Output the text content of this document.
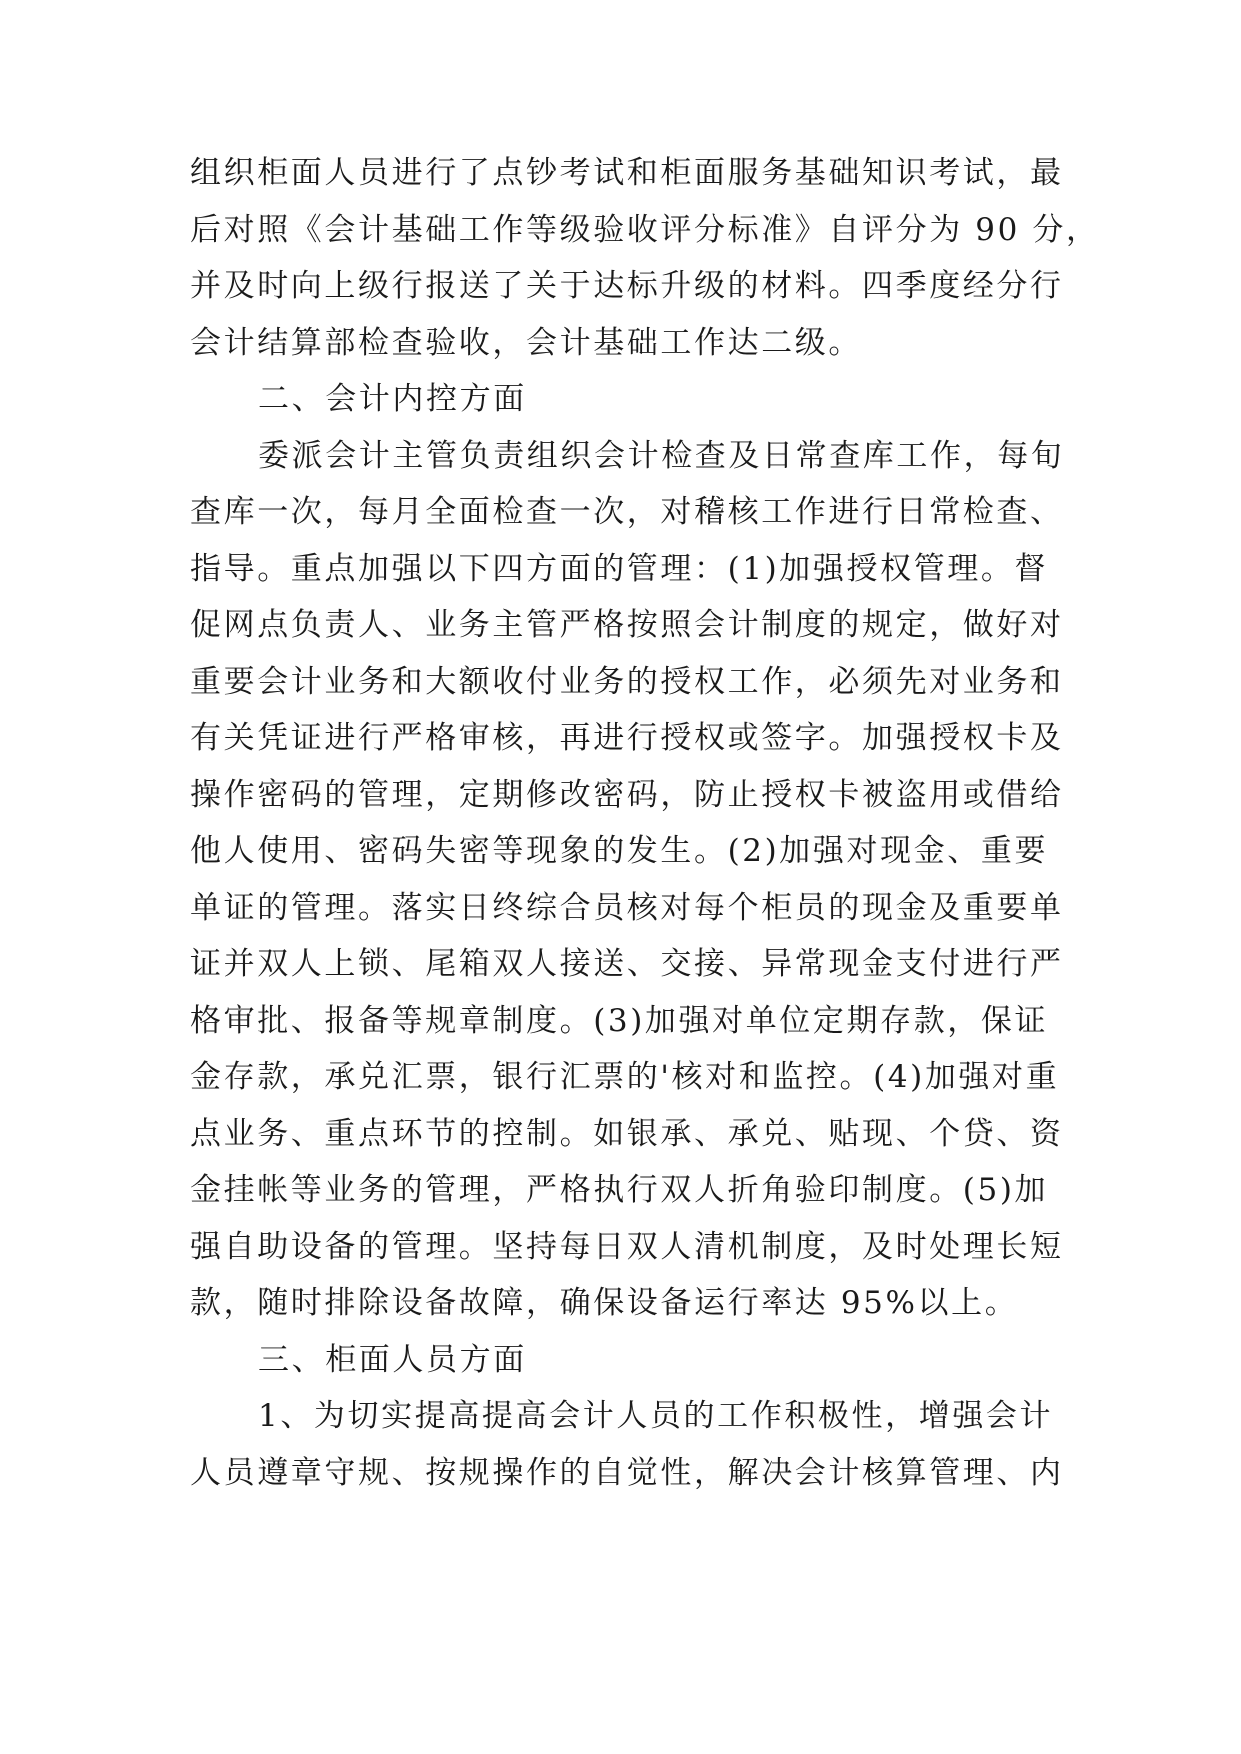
组织柜面人员进行了点钞考试和柜面服务基础知识考试，最
后对照《会计基础工作等级验收评分标准》自评分为 90 分，
并及时向上级行报送了关于达标升级的材料。四季度经分行
会计结算部检查验收，会计基础工作达二级。
二、会计内控方面
委派会计主管负责组织会计检查及日常查库工作，每旬
查库一次，每月全面检查一次，对稽核工作进行日常检查、
指导。重点加强以下四方面的管理：(1)加强授权管理。督
促网点负责人、业务主管严格按照会计制度的规定，做好对
重要会计业务和大额收付业务的授权工作，必须先对业务和
有关凭证进行严格审核，再进行授权或签字。加强授权卡及
操作密码的管理，定期修改密码，防止授权卡被盗用或借给
他人使用、密码失密等现象的发生。(2)加强对现金、重要
单证的管理。落实日终综合员核对每个柜员的现金及重要单
证并双人上锁、尾箱双人接送、交接、异常现金支付进行严
格审批、报备等规章制度。(3)加强对单位定期存款，保证
金存款，承兑汇票，银行汇票的'核对和监控。(4)加强对重
点业务、重点环节的控制。如银承、承兑、贴现、个贷、资
金挂帐等业务的管理，严格执行双人折角验印制度。(5)加
强自助设备的管理。坚持每日双人清机制度，及时处理长短
款，随时排除设备故障，确保设备运行率达 95%以上。
三、柜面人员方面
1、为切实提高提高会计人员的工作积极性，增强会计
人员遵章守规、按规操作的自觉性，解决会计核算管理、内
